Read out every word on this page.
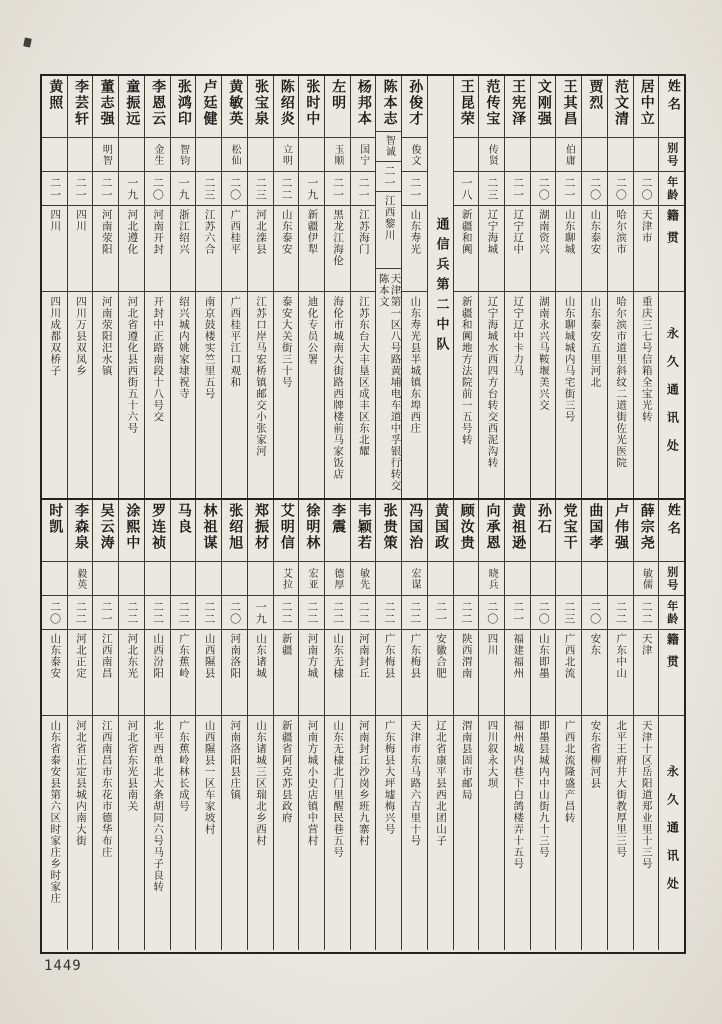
姓名
别号
年龄
籍贯
永久通讯处
居中立
二〇
天津市
重庆三七号信箱全宝光转
范文清
二〇
哈尔滨市
哈尔滨市道里斜纹二道街佐光医院
贾烈
二〇
山东泰安
山东泰安五里河北
王其昌
伯庸
二一
山东聊城
山东聊城城内马宅街三号
文刚强
二〇
湖南资兴
湖南永兴马鞍堰美兴交
王宪泽
二一
辽宁辽中
辽宁辽中卡力马
范传宝
传贤
二三
辽宁海城
辽宁海城水西四方台转交西泥沟转
王昆荣
一八
新疆和阗
新疆和阗地方法院前一五号转
通信兵第二中队
孙俊才
俊文
二一
山东寿光
山东寿光县半城镇东埠西庄
陈本志
智诚
二一
江西黎川
天津第一区八号路黄埔电车道中孚银行转交陈本文
杨邦本
国宁
二一
江苏海门
江苏东台大丰垦区成丰区东北耀
左明
玉顺
二一
黑龙江海伦
海伦市城南大街路西牌楼前马家饭店
张时中
一九
新疆伊犁
迪化专员公署
陈绍炎
立明
二二
山东泰安
泰安大关街三十号
张宝泉
二三
河北滦县
江苏口岸马宏桥镇邮交小张家河
黄敏英
松仙
二〇
广西桂平
广西桂平江口观和
卢廷健
二三
江苏六合
南京鼓楼实竺里五号
张鸿印
智钧
一九
浙江绍兴
绍兴城内姚家埭祝寺
李恩云
金生
二〇
河南开封
开封中正路南段十八号交
童振远
一九
河北遵化
河北省遵化县西街五十六号
董志强
明智
二一
河南荥阳
河南荥阳汜水镇
李芸轩
二一
四川
四川万县双凤乡
黄照
二一
四川
四川成都双桥子
姓名
别号
年龄
籍贯
永久通讯处
薛宗尧
敏儒
二二
天津
天津十区岳阳道郑业里十三号
卢伟强
二二
广东中山
北平王府井大街教厚里三号
曲国孝
二〇
安东
安东省柳河县
党宝干
二三
广西北流
广西北流隆盛产昌转
孙石
二〇
山东即墨
即墨县城内中山街九十三号
黄祖逊
二一
福建福州
福州城内巷下白鸽楼弄十五号
向承恩
晓兵
二〇
四川
四川叙永大坝
顾汝贵
二二
陕西渭南
渭南县固市邮局
黄国政
二一
安徽合肥
辽北省康平县西北团山子
冯国治
宏谋
二二
广东梅县
天津市东马路六吉里十号
张贵策
二二
广东梅县
广东梅县大坪墟梅兴号
韦颖若
敏先
二二
河南封丘
河南封丘沙岗乡班九寨村
李震
德厚
二二
山东无棣
山东无棣北门里醒民巷五号
徐明林
宏亚
二二
河南方城
河南方城小史店镇中营村
艾明信
艾拉
二二
新疆
新疆省阿克苏县政府
郑振材
一九
山东诸城
山东诸城三区瑞北乡西村
张绍旭
二〇
河南洛阳
河南洛阳县庄镇
林祖谋
二二
山西隰县
山西隰县一区车家坡村
马良
二二
广东蕉岭
广东蕉岭林长成号
罗连祯
二二
山西汾阳
北平西单北大条胡同六号马子良转
涂熙中
二二
河北东光
河北省东光县南关
吴云涛
二一
江西南昌
江西南昌市东花市德华布庄
李森泉
毅英
二二
河北正定
河北省正定县城内南大街
时凯
二〇
山东泰安
山东省泰安县第六区时家庄乡时家庄
1449
